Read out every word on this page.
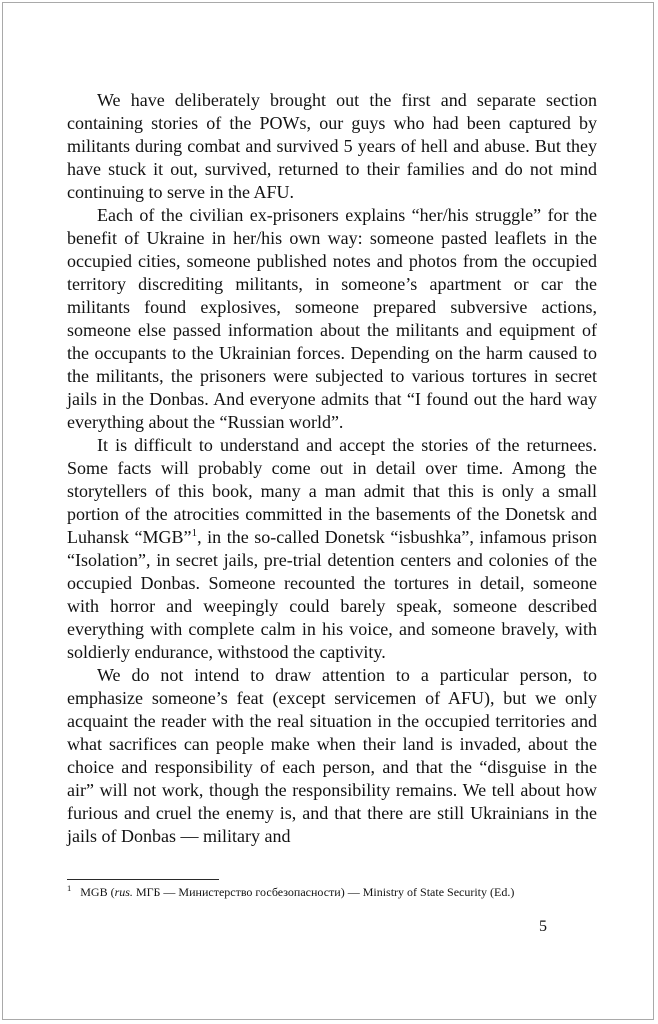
We have deliberately brought out the first and separate section containing stories of the POWs, our guys who had been captured by militants during combat and survived 5 years of hell and abuse. But they have stuck it out, survived, returned to their families and do not mind continuing to serve in the AFU.

Each of the civilian ex-prisoners explains “her/his struggle” for the benefit of Ukraine in her/his own way: someone pasted leaflets in the occupied cities, someone published notes and photos from the occupied territory discrediting militants, in someone’s apartment or car the militants found explosives, someone prepared subversive actions, someone else passed information about the militants and equipment of the occupants to the Ukrainian forces. Depending on the harm caused to the militants, the prisoners were subjected to various tortures in secret jails in the Donbas. And everyone admits that “I found out the hard way everything about the “Russian world”.

It is difficult to understand and accept the stories of the returnees. Some facts will probably come out in detail over time. Among the storytellers of this book, many a man admit that this is only a small portion of the atrocities committed in the basements of the Donetsk and Luhansk “MGB”$^1$, in the so-called Donetsk “isbushka”, infamous prison “Isolation”, in secret jails, pre-trial detention centers and colonies of the occupied Donbas. Someone recounted the tortures in detail, someone with horror and weepingly could barely speak, someone described everything with complete calm in his voice, and someone bravely, with soldierly endurance, withstood the captivity.

We do not intend to draw attention to a particular person, to emphasize someone’s feat (except servicemen of AFU), but we only acquaint the reader with the real situation in the occupied territories and what sacrifices can people make when their land is invaded, about the choice and responsibility of each person, and that the “disguise in the air” will not work, though the responsibility remains. We tell about how furious and cruel the enemy is, and that there are still Ukrainians in the jails of Donbas — military and

$^1$ MGB (rus. МГБ — Министерство госбезопасности) — Ministry of State Security (Ed.)

5
